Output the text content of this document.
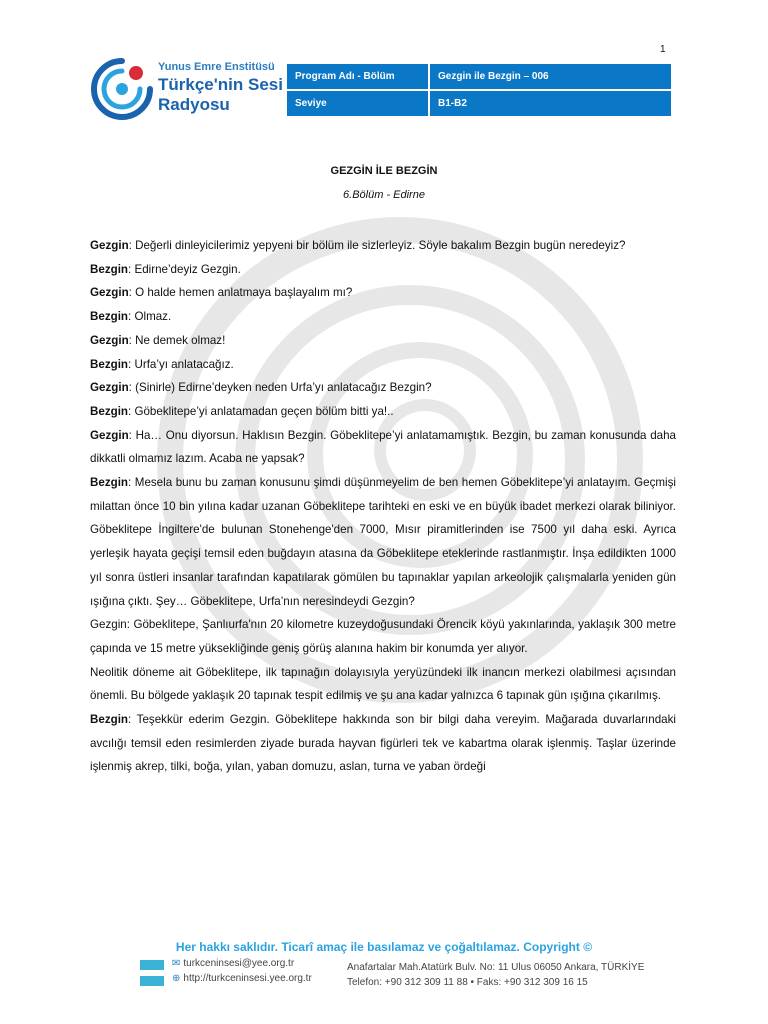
1
Yunus Emre Enstitüsü
Türkçe'nin Sesi
Radyosu
Program Adı - Bölüm	Gezgin ile Bezgin – 006
Seviye	B1-B2
GEZGİN İLE BEZGİN
6.Bölüm - Edirne

Gezgin: Değerli dinleyicilerimiz yepyeni bir bölüm ile sizlerleyiz. Söyle bakalım Bezgin bugün neredeyiz?

Bezgin: Edirne’deyiz Gezgin.

Gezgin: O halde hemen anlatmaya başlayalım mı?

Bezgin: Olmaz.

Gezgin: Ne demek olmaz!

Bezgin: Urfa’yı anlatacağız.

Gezgin: (Sinirle) Edirne’deyken neden Urfa’yı anlatacağız Bezgin?

Bezgin: Göbeklitepe’yi anlatamadan geçen bölüm bitti ya!..

Gezgin: Ha… Onu diyorsun. Haklısın Bezgin. Göbeklitepe’yi anlatamamıştık. Bezgin, bu zaman konusunda daha dikkatli olmamız lazım. Acaba ne yapsak?

Bezgin: Mesela bunu bu zaman konusunu şimdi düşünmeyelim de ben hemen Göbeklitepe’yi anlatayım. Geçmişi milattan önce 10 bin yılına kadar uzanan Göbeklitepe tarihteki en eski ve en büyük ibadet merkezi olarak biliniyor. Göbeklitepe İngiltere'de bulunan Stonehenge'den 7000, Mısır piramitlerinden ise 7500 yıl daha eski. Ayrıca yerleşik hayata geçişi temsil eden buğdayın atasına da Göbeklitepe eteklerinde rastlanmıştır. İnşa edildikten 1000 yıl sonra üstleri insanlar tarafından kapatılarak gömülen bu tapınaklar yapılan arkeolojik çalışmalarla yeniden gün ışığına çıktı. Şey… Göbeklitepe, Urfa’nın neresindeydi Gezgin?

Gezgin: Göbeklitepe, Şanlıurfa'nın 20 kilometre kuzeydoğusundaki Örencik köyü yakınlarında, yaklaşık 300 metre çapında ve 15 metre yüksekliğinde geniş görüş alanına hakim bir konumda yer alıyor.

Neolitik döneme ait Göbeklitepe, ilk tapınağın dolayısıyla yeryüzündeki ilk inancın merkezi olabilmesi açısından önemli. Bu bölgede yaklaşık 20 tapınak tespit edilmiş ve şu ana kadar yalnızca 6 tapınak gün ışığına çıkarılmış.

Bezgin: Teşekkür ederim Gezgin. Göbeklitepe hakkında son bir bilgi daha vereyim. Mağarada duvarlarındaki avcılığı temsil eden resimlerden ziyade burada hayvan figürleri tek ve kabartma olarak işlenmiş. Taşlar üzerinde işlenmiş akrep, tilki, boğa, yılan, yaban domuzu, aslan, turna ve yaban ördeği

Her hakkı saklıdır. Ticarî amaç ile basılamaz ve çoğaltılamaz. Copyright ©
✉ turkceninsesi@yee.org.tr
⊕ http://turkceninsesi.yee.org.tr
Anafartalar Mah.Atatürk Bulv. No: 11 Ulus 06050 Ankara, TÜRKİYE
Telefon: +90 312 309 11 88 • Faks: +90 312 309 16 15
